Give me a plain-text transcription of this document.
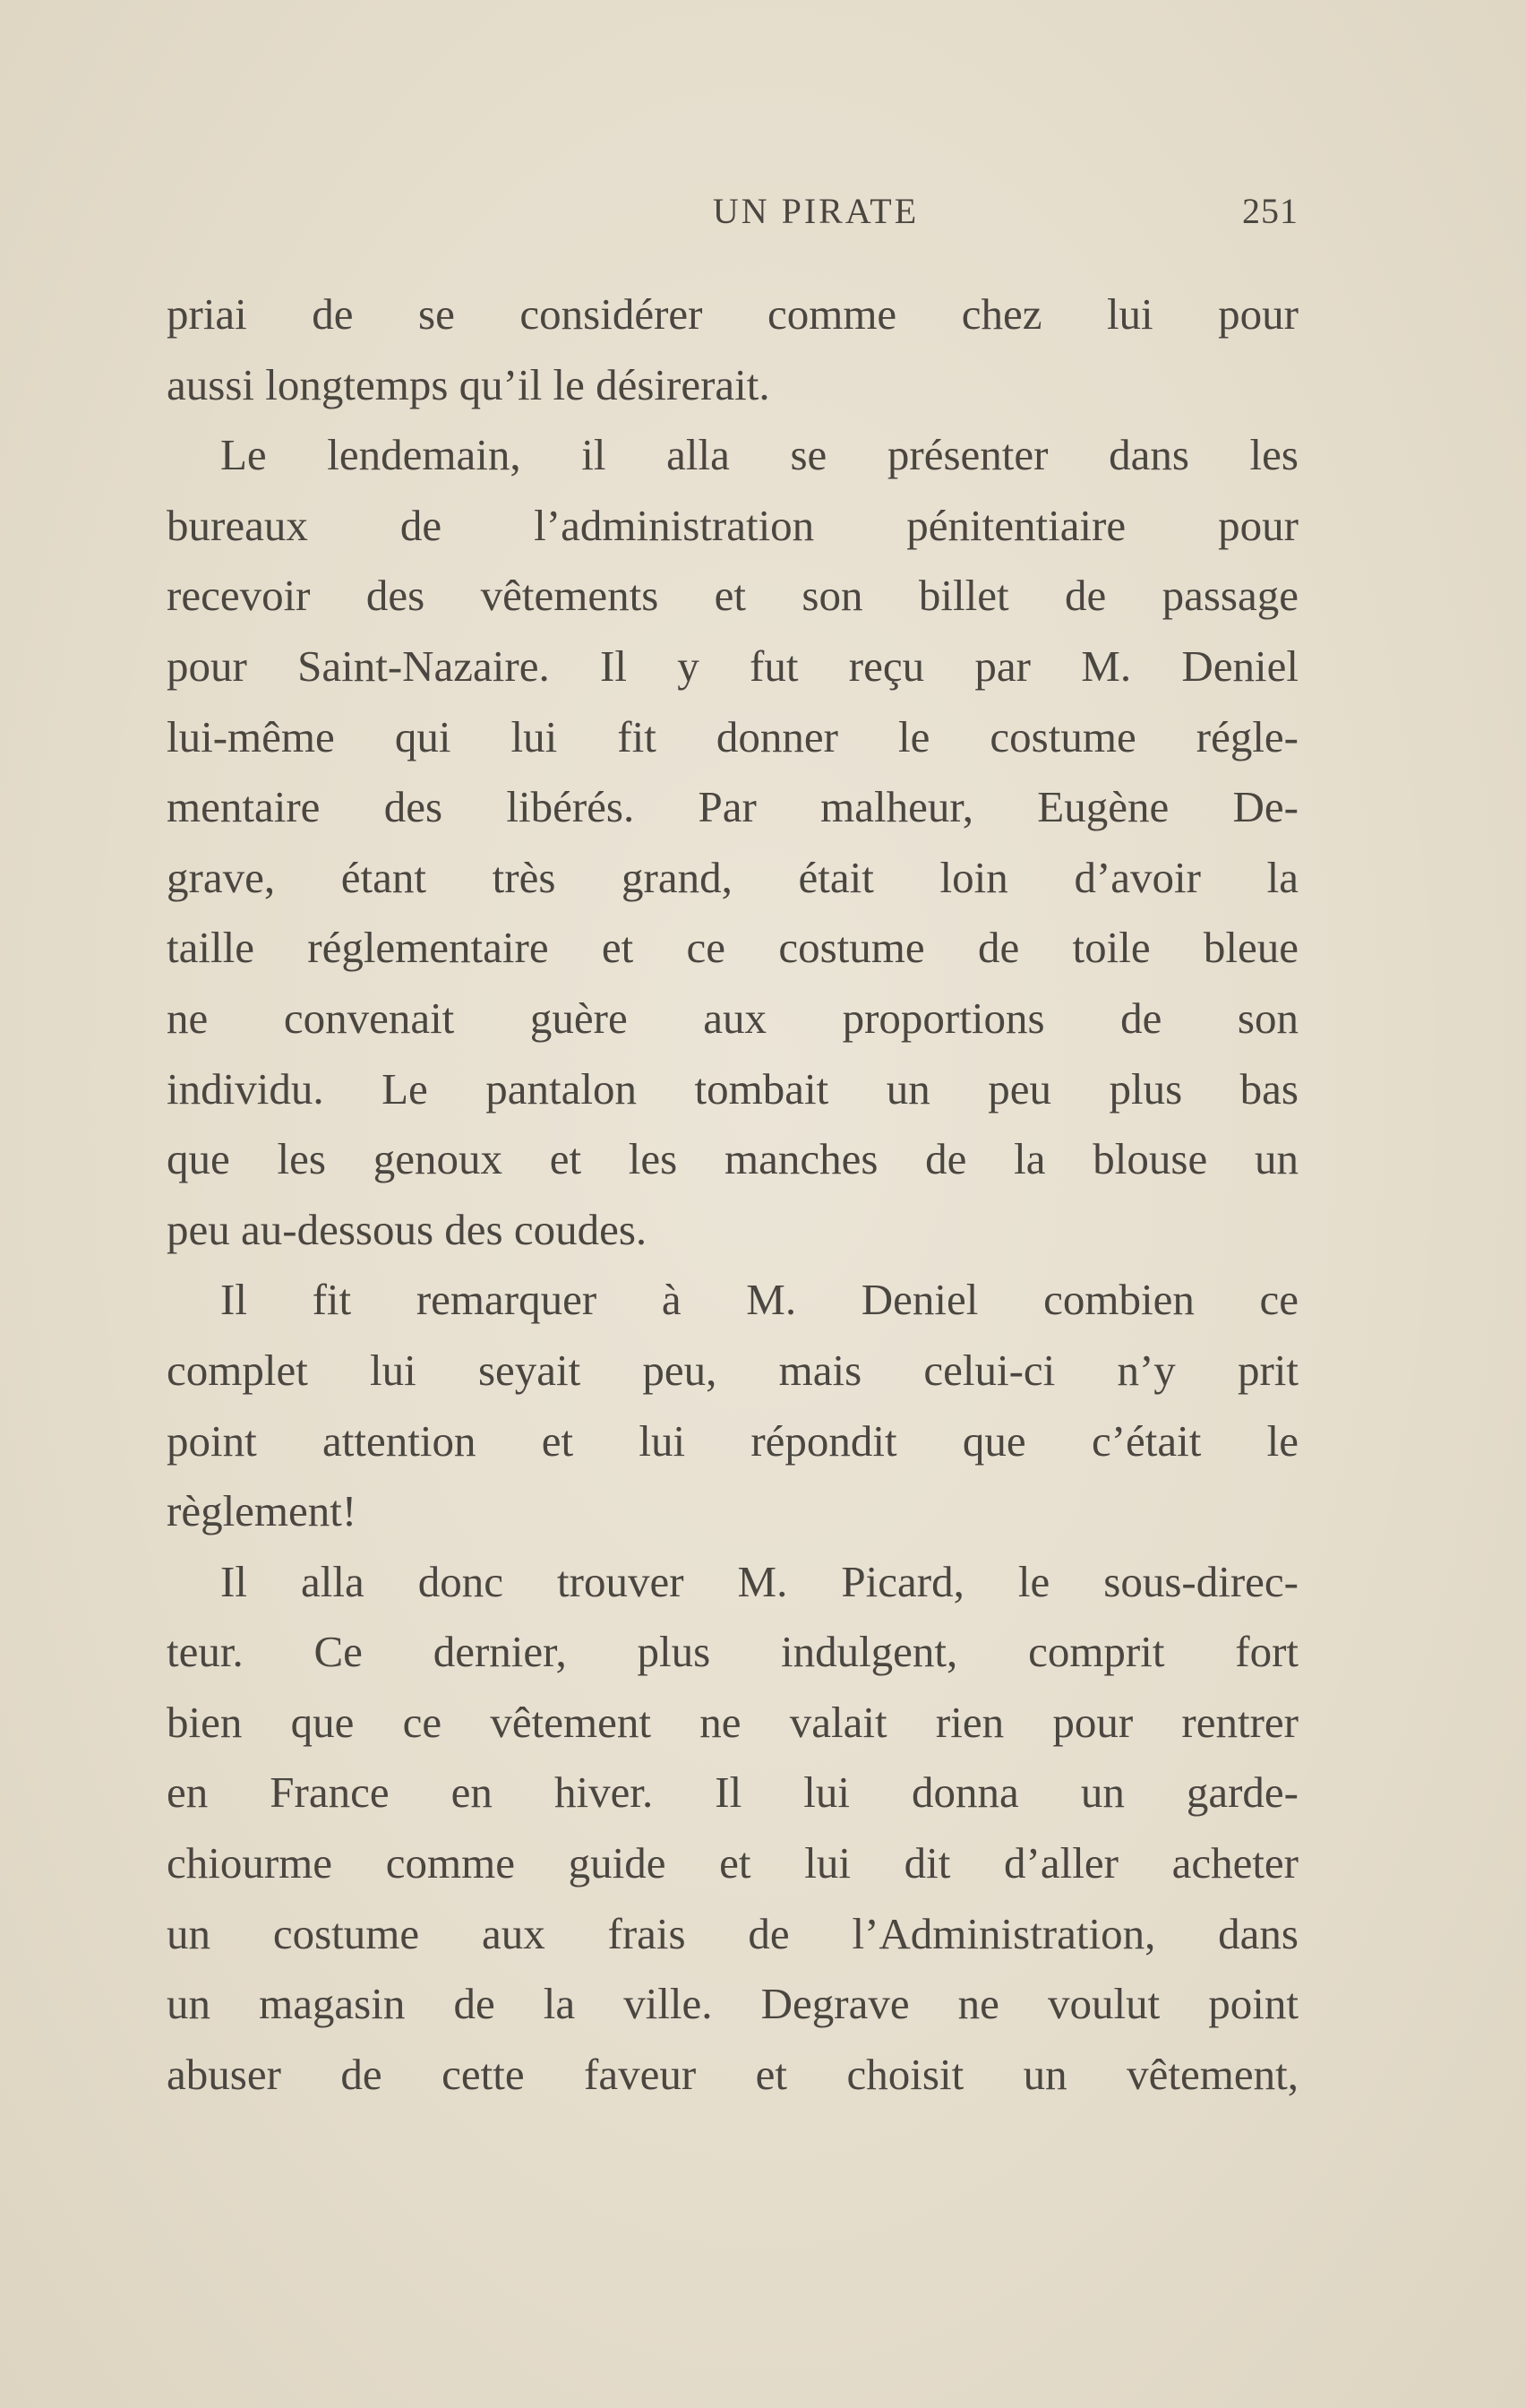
UN PIRATE	251
priai de se considérer comme chez lui pour
aussi longtemps qu’il le désirerait.
Le lendemain, il alla se présenter dans les
bureaux de l’administration pénitentiaire pour
recevoir des vêtements et son billet de passage
pour Saint-Nazaire. Il y fut reçu par M. Deniel
lui-même qui lui fit donner le costume régle-
mentaire des libérés. Par malheur, Eugène De-
grave, étant très grand, était loin d’avoir la
taille réglementaire et ce costume de toile bleue
ne convenait guère aux proportions de son
individu. Le pantalon tombait un peu plus bas
que les genoux et les manches de la blouse un
peu au-dessous des coudes.
Il fit remarquer à M. Deniel combien ce
complet lui seyait peu, mais celui-ci n’y prit
point attention et lui répondit que c’était le
règlement!
Il alla donc trouver M. Picard, le sous-direc-
teur. Ce dernier, plus indulgent, comprit fort
bien que ce vêtement ne valait rien pour rentrer
en France en hiver. Il lui donna un garde-
chiourme comme guide et lui dit d’aller acheter
un costume aux frais de l’Administration, dans
un magasin de la ville. Degrave ne voulut point
abuser de cette faveur et choisit un vêtement,
